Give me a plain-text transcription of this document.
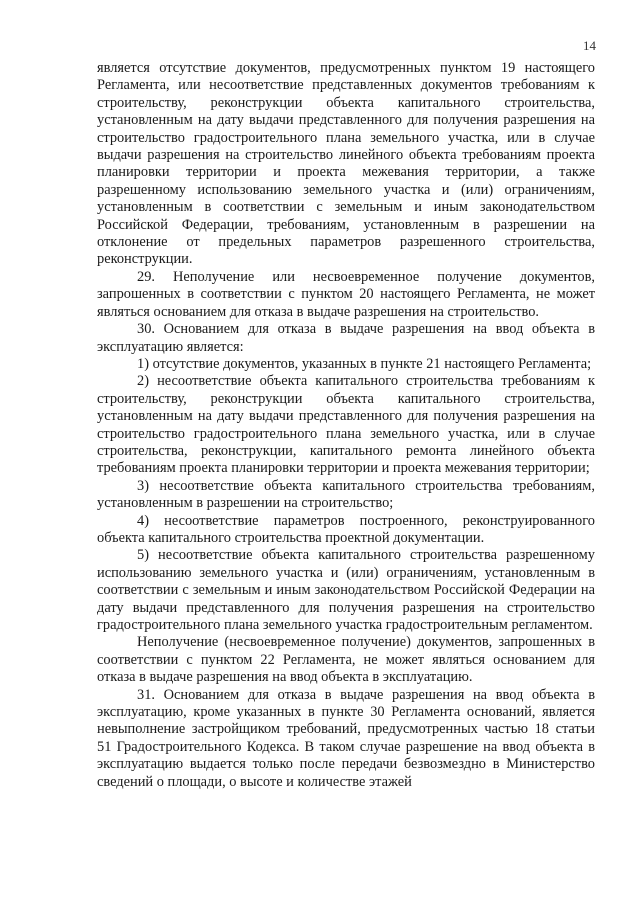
14

является отсутствие документов, предусмотренных пунктом 19 настоящего Регламента, или несоответствие представленных документов требованиям к строительству, реконструкции объекта капитального строительства, установленным на дату выдачи представленного для получения разрешения на строительство градостроительного плана земельного участка, или в случае выдачи разрешения на строительство линейного объекта требованиям проекта планировки территории и проекта межевания территории, а также разрешенному использованию земельного участка и (или) ограничениям, установленным в соответствии с земельным и иным законодательством Российской Федерации, требованиям, установленным в разрешении на отклонение от предельных параметров разрешенного строительства, реконструкции.

29. Неполучение или несвоевременное получение документов, запрошенных в соответствии с пунктом 20 настоящего Регламента, не может являться основанием для отказа в выдаче разрешения на строительство.

30. Основанием для отказа в выдаче разрешения на ввод объекта в эксплуатацию является:

1) отсутствие документов, указанных в пункте 21 настоящего Регламента;

2) несоответствие объекта капитального строительства требованиям к строительству, реконструкции объекта капитального строительства, установленным на дату выдачи представленного для получения разрешения на строительство градостроительного плана земельного участка, или в случае строительства, реконструкции, капитального ремонта линейного объекта требованиям проекта планировки территории и проекта межевания территории;

3) несоответствие объекта капитального строительства требованиям, установленным в разрешении на строительство;

4) несоответствие параметров построенного, реконструированного объекта капитального строительства проектной документации.

5) несоответствие объекта капитального строительства разрешенному использованию земельного участка и (или) ограничениям, установленным в соответствии с земельным и иным законодательством Российской Федерации на дату выдачи представленного для получения разрешения на строительство градостроительного плана земельного участка градостроительным регламентом.

Неполучение (несвоевременное получение) документов, запрошенных в соответствии с пунктом 22 Регламента, не может являться основанием для отказа в выдаче разрешения на ввод объекта в эксплуатацию.

31. Основанием для отказа в выдаче разрешения на ввод объекта в эксплуатацию, кроме указанных в пункте 30 Регламента оснований, является невыполнение застройщиком требований, предусмотренных частью 18 статьи 51 Градостроительного Кодекса. В таком случае разрешение на ввод объекта в эксплуатацию выдается только после передачи безвозмездно в Министерство сведений о площади, о высоте и количестве этажей
